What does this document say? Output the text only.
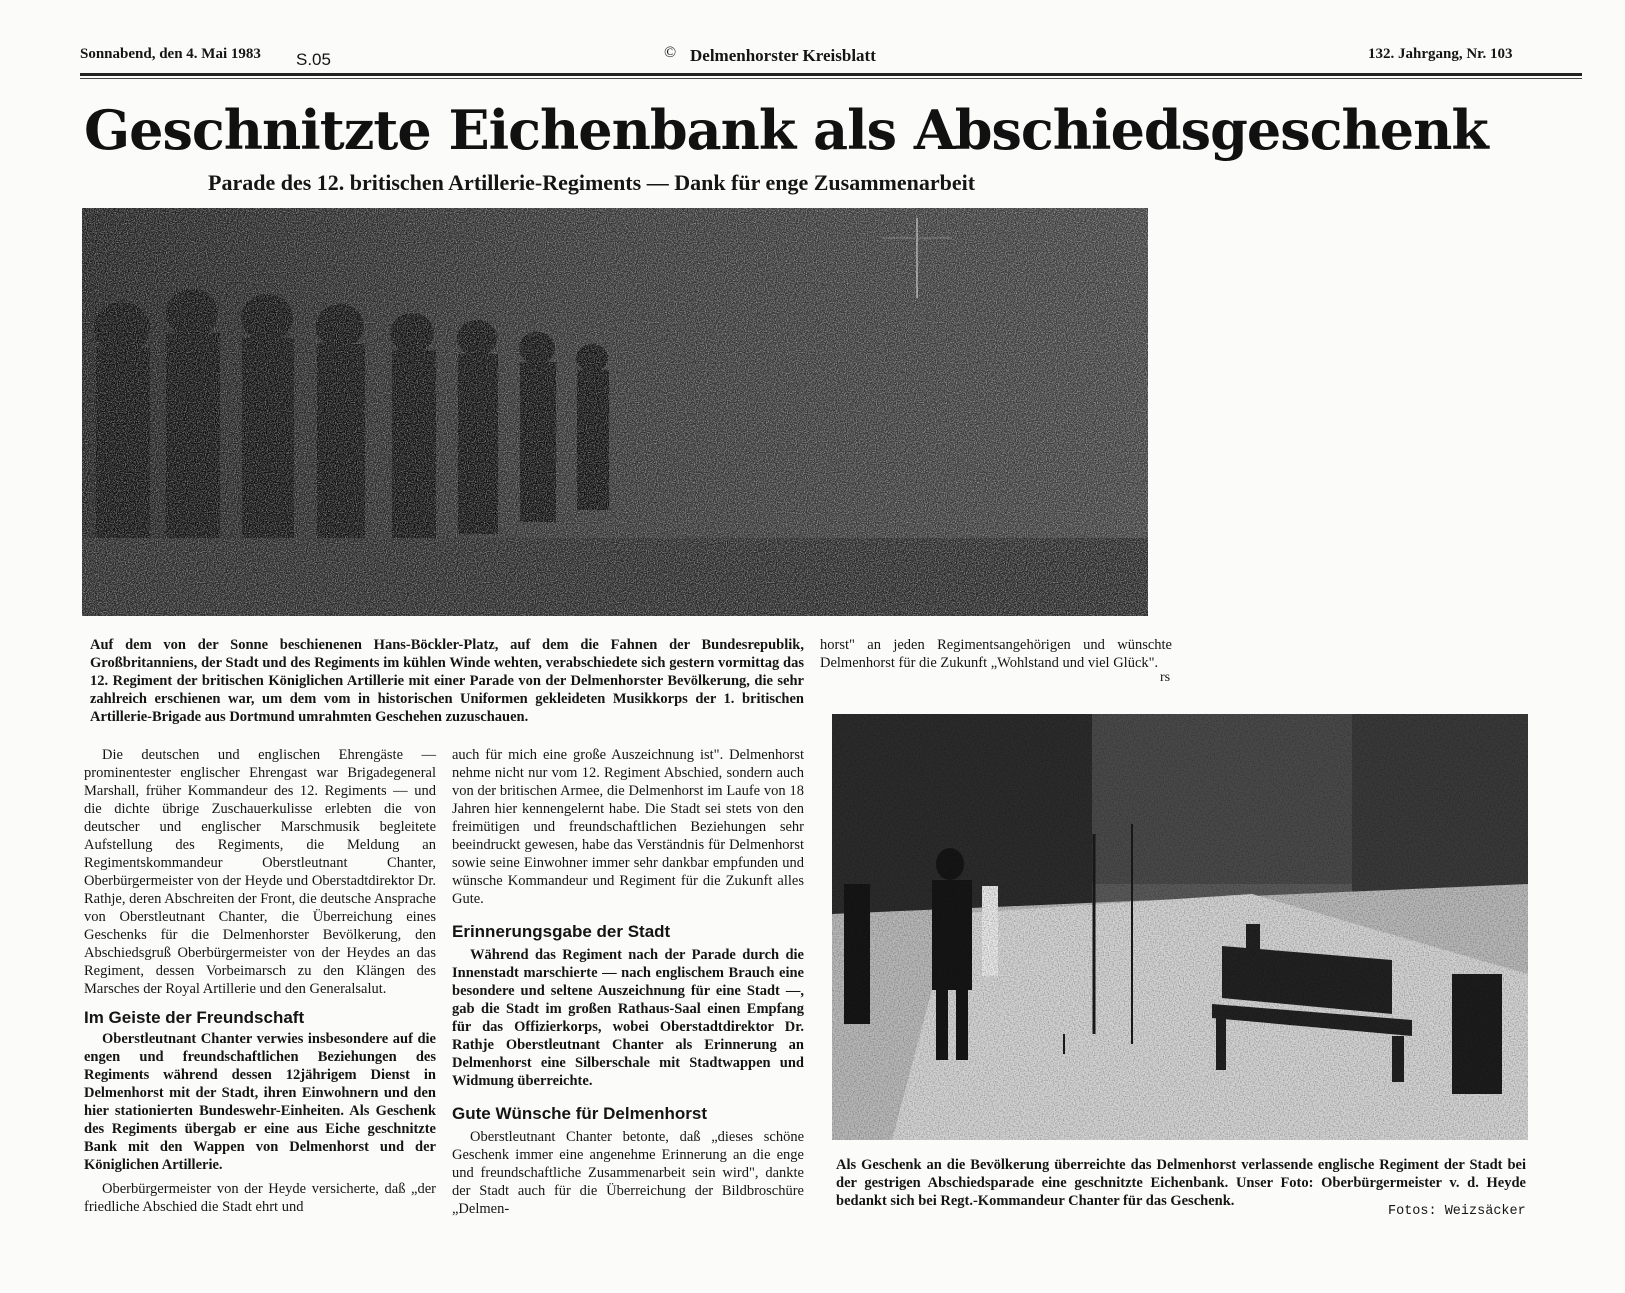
Sonnabend, den 4. Mai 1983 S.05	© Delmenhorster Kreisblatt	132. Jahrgang, Nr. 103
Geschnitzte Eichenbank als Abschiedsgeschenk
Parade des 12. britischen Artillerie-Regiments — Dank für enge Zusammenarbeit

Auf dem von der Sonne beschienenen Hans-Böckler-Platz, auf dem die Fahnen der Bundesrepublik, Großbritanniens, der Stadt und des Regiments im kühlen Winde wehten, verabschiedete sich gestern vormittag das 12. Regiment der britischen Königlichen Artillerie mit einer Parade von der Delmenhorster Bevölkerung, die sehr zahlreich erschienen war, um dem vom in historischen Uniformen gekleideten Musikkorps der 1. britischen Artillerie-Brigade aus Dortmund umrahmten Geschehen zuzuschauen.

Die deutschen und englischen Ehrengäste — prominentester englischer Ehrengast war Brigadegeneral Marshall, früher Kommandeur des 12. Regiments — und die dichte übrige Zuschauerkulisse erlebten die von deutscher und englischer Marschmusik begleitete Aufstellung des Regiments, die Meldung an Regimentskommandeur Oberstleutnant Chanter, Oberbürgermeister von der Heyde und Oberstadtdirektor Dr. Rathje, deren Abschreiten der Front, die deutsche Ansprache von Oberstleutnant Chanter, die Überreichung eines Geschenks für die Delmenhorster Bevölkerung, den Abschiedsgruß Oberbürgermeister von der Heydes an das Regiment, dessen Vorbeimarsch zu den Klängen des Marsches der Royal Artillerie und den Generalsalut.

Im Geiste der Freundschaft

Oberstleutnant Chanter verwies insbesondere auf die engen und freundschaftlichen Beziehungen des Regiments während dessen 12jährigem Dienst in Delmenhorst mit der Stadt, ihren Einwohnern und den hier stationierten Bundeswehr-Einheiten. Als Geschenk des Regiments übergab er eine aus Eiche geschnitzte Bank mit den Wappen von Delmenhorst und der Königlichen Artillerie.

Oberbürgermeister von der Heyde versicherte, daß „der friedliche Abschied die Stadt ehrt und

auch für mich eine große Auszeichnung ist". Delmenhorst nehme nicht nur vom 12. Regiment Abschied, sondern auch von der britischen Armee, die Delmenhorst im Laufe von 18 Jahren hier kennengelernt habe. Die Stadt sei stets von den freimütigen und freundschaftlichen Beziehungen sehr beeindruckt gewesen, habe das Verständnis für Delmenhorst sowie seine Einwohner immer sehr dankbar empfunden und wünsche Kommandeur und Regiment für die Zukunft alles Gute.

Erinnerungsgabe der Stadt

Während das Regiment nach der Parade durch die Innenstadt marschierte — nach englischem Brauch eine besondere und seltene Auszeichnung für eine Stadt —, gab die Stadt im großen Rathaus-Saal einen Empfang für das Offizierkorps, wobei Oberstadtdirektor Dr. Rathje Oberstleutnant Chanter als Erinnerung an Delmenhorst eine Silberschale mit Stadtwappen und Widmung überreichte.

Gute Wünsche für Delmenhorst

Oberstleutnant Chanter betonte, daß „dieses schöne Geschenk immer eine angenehme Erinnerung an die enge und freundschaftliche Zusammenarbeit sein wird", dankte der Stadt auch für die Überreichung der Bildbroschüre „Delmen-

horst" an jeden Regimentsangehörigen und wünschte Delmenhorst für die Zukunft „Wohlstand und viel Glück".

rs

Als Geschenk an die Bevölkerung überreichte das Delmenhorst verlassende englische Regiment der Stadt bei der gestrigen Abschiedsparade eine geschnitzte Eichenbank. Unser Foto: Oberbürgermeister v. d. Heyde bedankt sich bei Regt.-Kommandeur Chanter für das Geschenk.

Fotos: Weizsäcker
